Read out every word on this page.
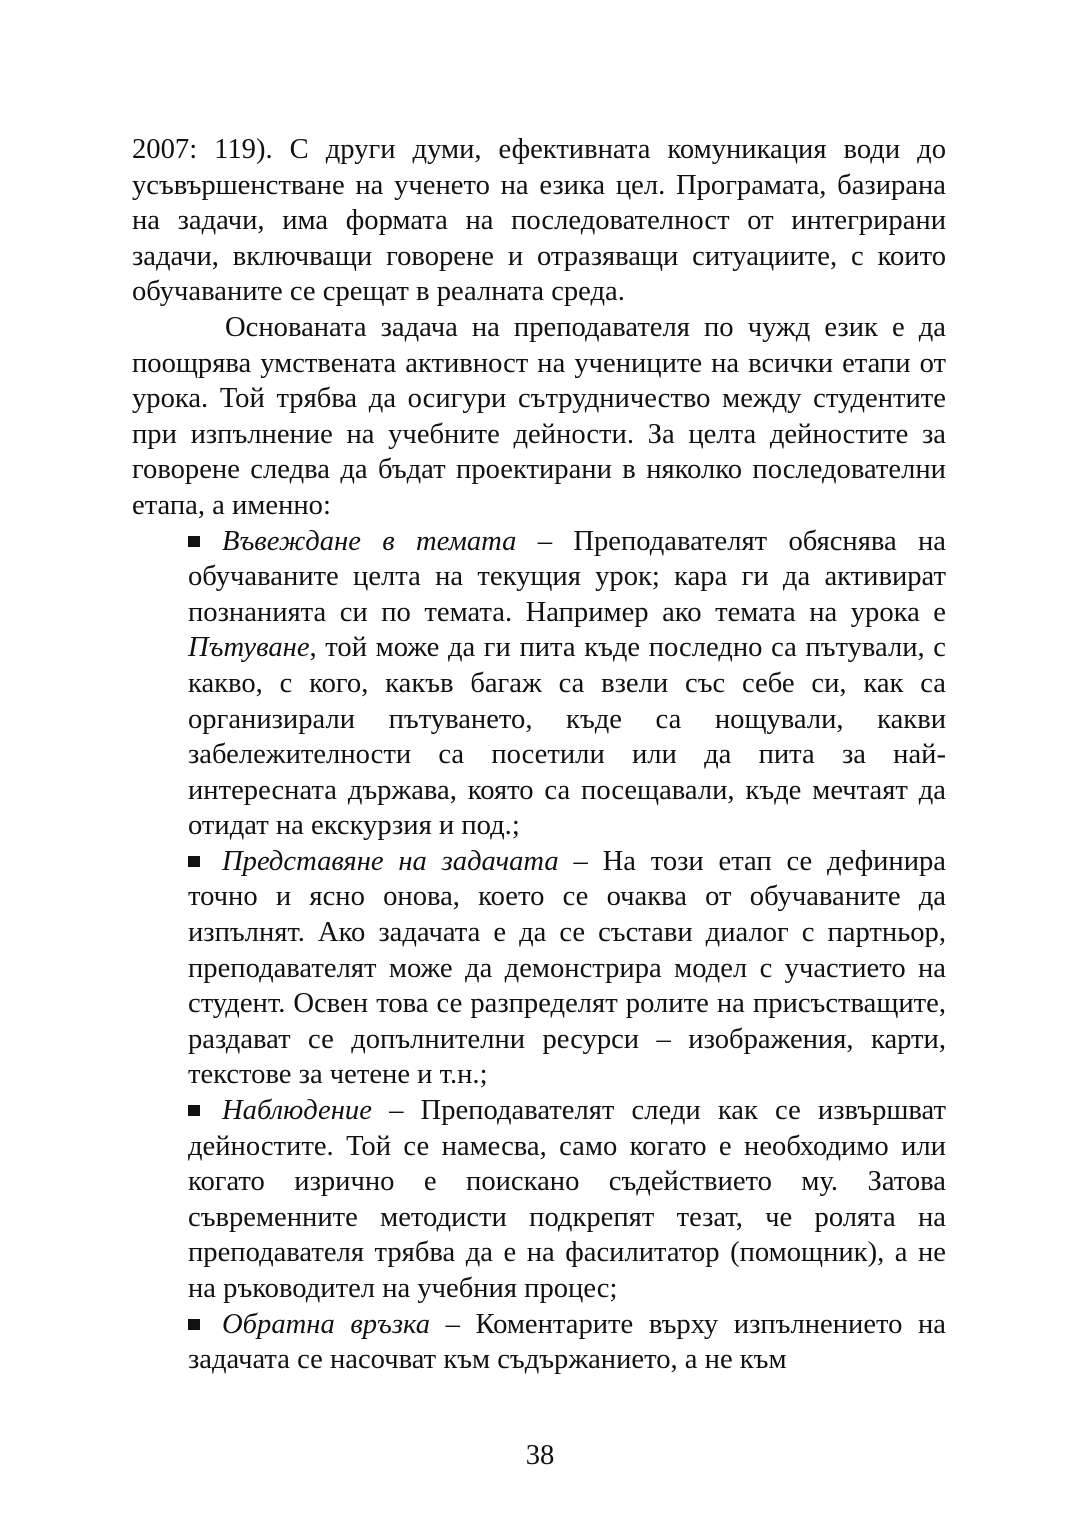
2007: 119). С други думи, ефективната комуникация води до усъвършенстване на ученето на езика цел. Програмата, базирана на задачи, има формата на последователност от интегрирани задачи, включващи говорене и отразяващи ситуациите, с които обучаваните се срещат в реалната среда.

Основаната задача на преподавателя по чужд език е да поощрява умствената активност на учениците на всички етапи от урока. Той трябва да осигури сътрудничество между студентите при изпълнение на учебните дейности. За целта дейностите за говорене следва да бъдат проектирани в няколко последователни етапа, а именно:

Въвеждане в темата – Преподавателят обяснява на обучаваните целта на текущия урок; кара ги да активират познанията си по темата. Например ако темата на урока е Пътуване, той може да ги пита къде последно са пътували, с какво, с кого, какъв багаж са взели със себе си, как са организирали пътуването, къде са нощували, какви забележителности са посетили или да пита за най-интересната държава, която са посещавали, къде мечтаят да отидат на екскурзия и под.;
Представяне на задачата – На този етап се дефинира точно и ясно онова, което се очаква от обучаваните да изпълнят. Ако задачата е да се състави диалог с партньор, преподавателят може да демонстрира модел с участието на студент. Освен това се разпределят ролите на присъстващите, раздават се допълнителни ресурси – изображения, карти, текстове за четене и т.н.;
Наблюдение – Преподавателят следи как се извършват дейностите. Той се намесва, само когато е необходимо или когато изрично е поискано съдействието му. Затова съвременните методисти подкрепят тезат, че ролята на преподавателя трябва да е на фасилитатор (помощник), а не на ръководител на учебния процес;
Обратна връзка – Коментарите върху изпълнението на задачата се насочват към съдържанието, а не към
38
